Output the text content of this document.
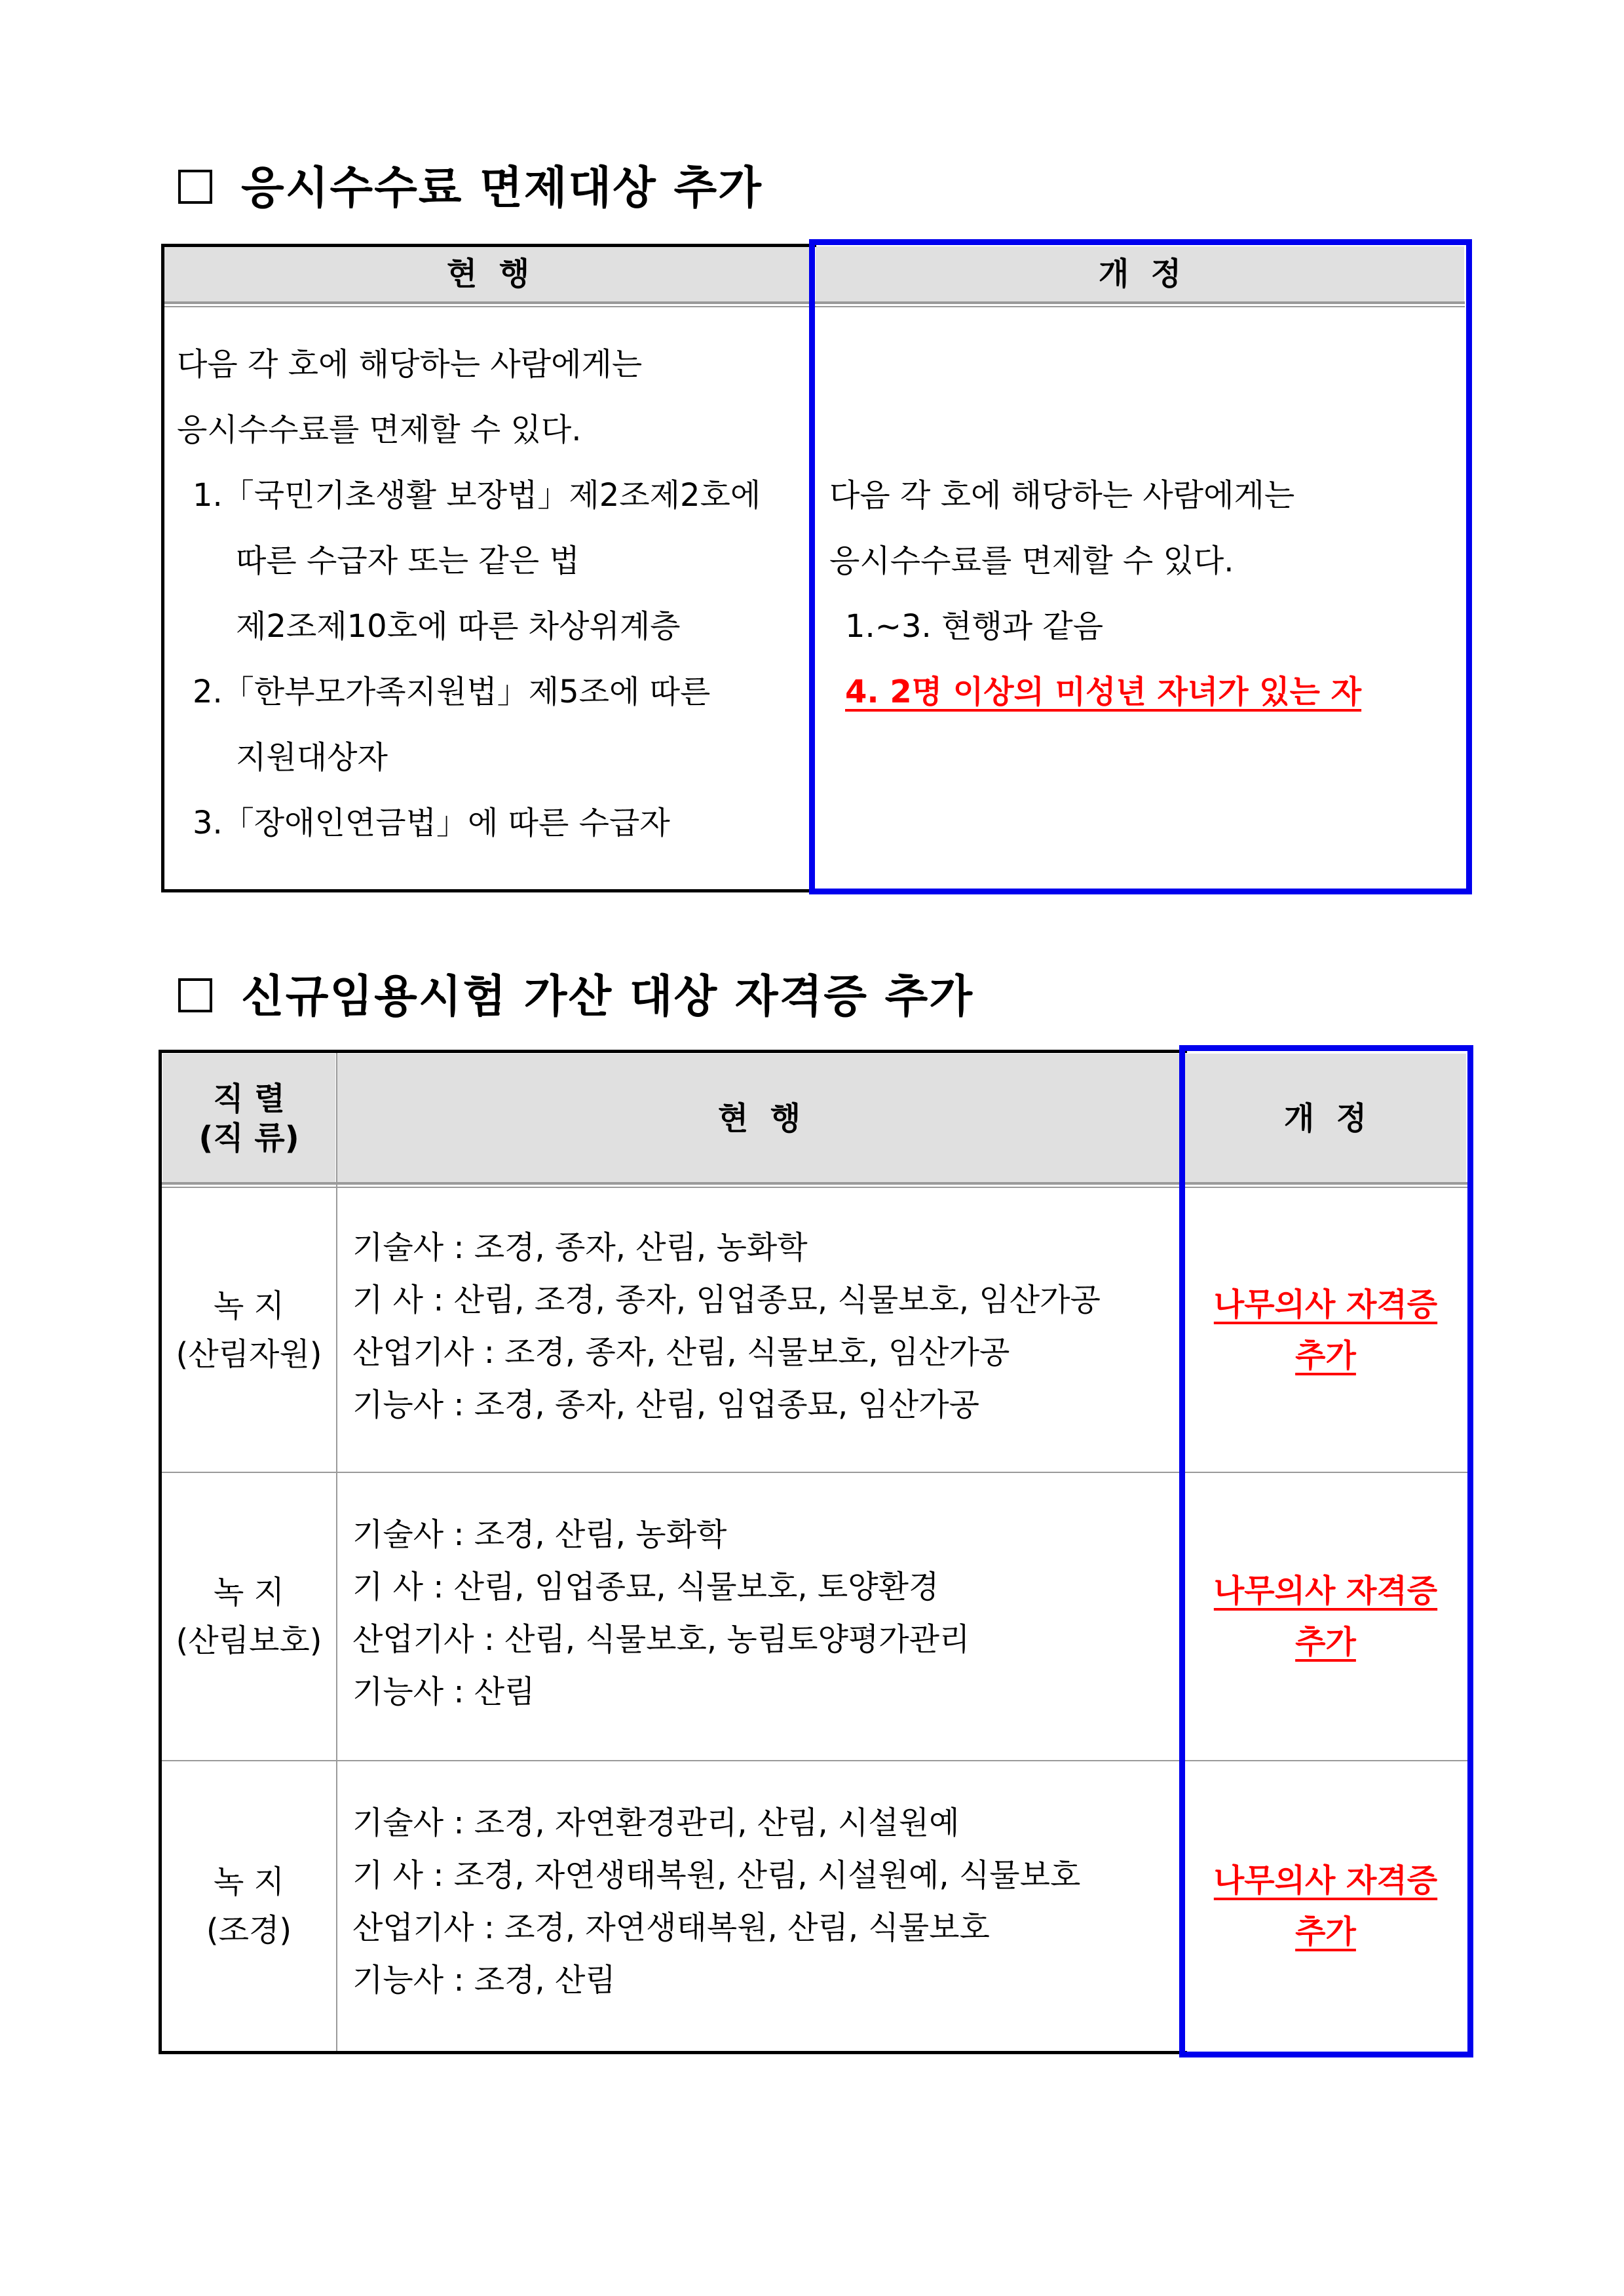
응시수수료 면제대상 추가
현  행	개  정
다음 각 호에 해당하는 사람에게는
응시수수료를 면제할 수 있다.
1.「국민기초생활 보장법」제2조제2호에
따른 수급자 또는 같은 법
제2조제10호에 따른 차상위계층
2.「한부모가족지원법」제5조에 따른
지원대상자
3.「장애인연금법」에 따른 수급자
다음 각 호에 해당하는 사람에게는
응시수수료를 면제할 수 있다.
1.~3. 현행과 같음
4. 2명 이상의 미성년 자녀가 있는 자
신규임용시험 가산 대상 자격증 추가
직 렬
(직 류)
현  행	개  정
녹 지
(산림자원)
기술사 : 조경, 종자, 산림, 농화학
기 사 : 산림, 조경, 종자, 임업종묘, 식물보호, 임산가공
산업기사 : 조경, 종자, 산림, 식물보호, 임산가공
기능사 : 조경, 종자, 산림, 임업종묘, 임산가공
나무의사 자격증
추가
녹 지
(산림보호)
기술사 : 조경, 산림, 농화학
기 사 : 산림, 임업종묘, 식물보호, 토양환경
산업기사 : 산림, 식물보호, 농림토양평가관리
기능사 : 산림
나무의사 자격증
추가
녹 지
(조경)
기술사 : 조경, 자연환경관리, 산림, 시설원예
기 사 : 조경, 자연생태복원, 산림, 시설원예, 식물보호
산업기사 : 조경, 자연생태복원, 산림, 식물보호
기능사 : 조경, 산림
나무의사 자격증
추가
